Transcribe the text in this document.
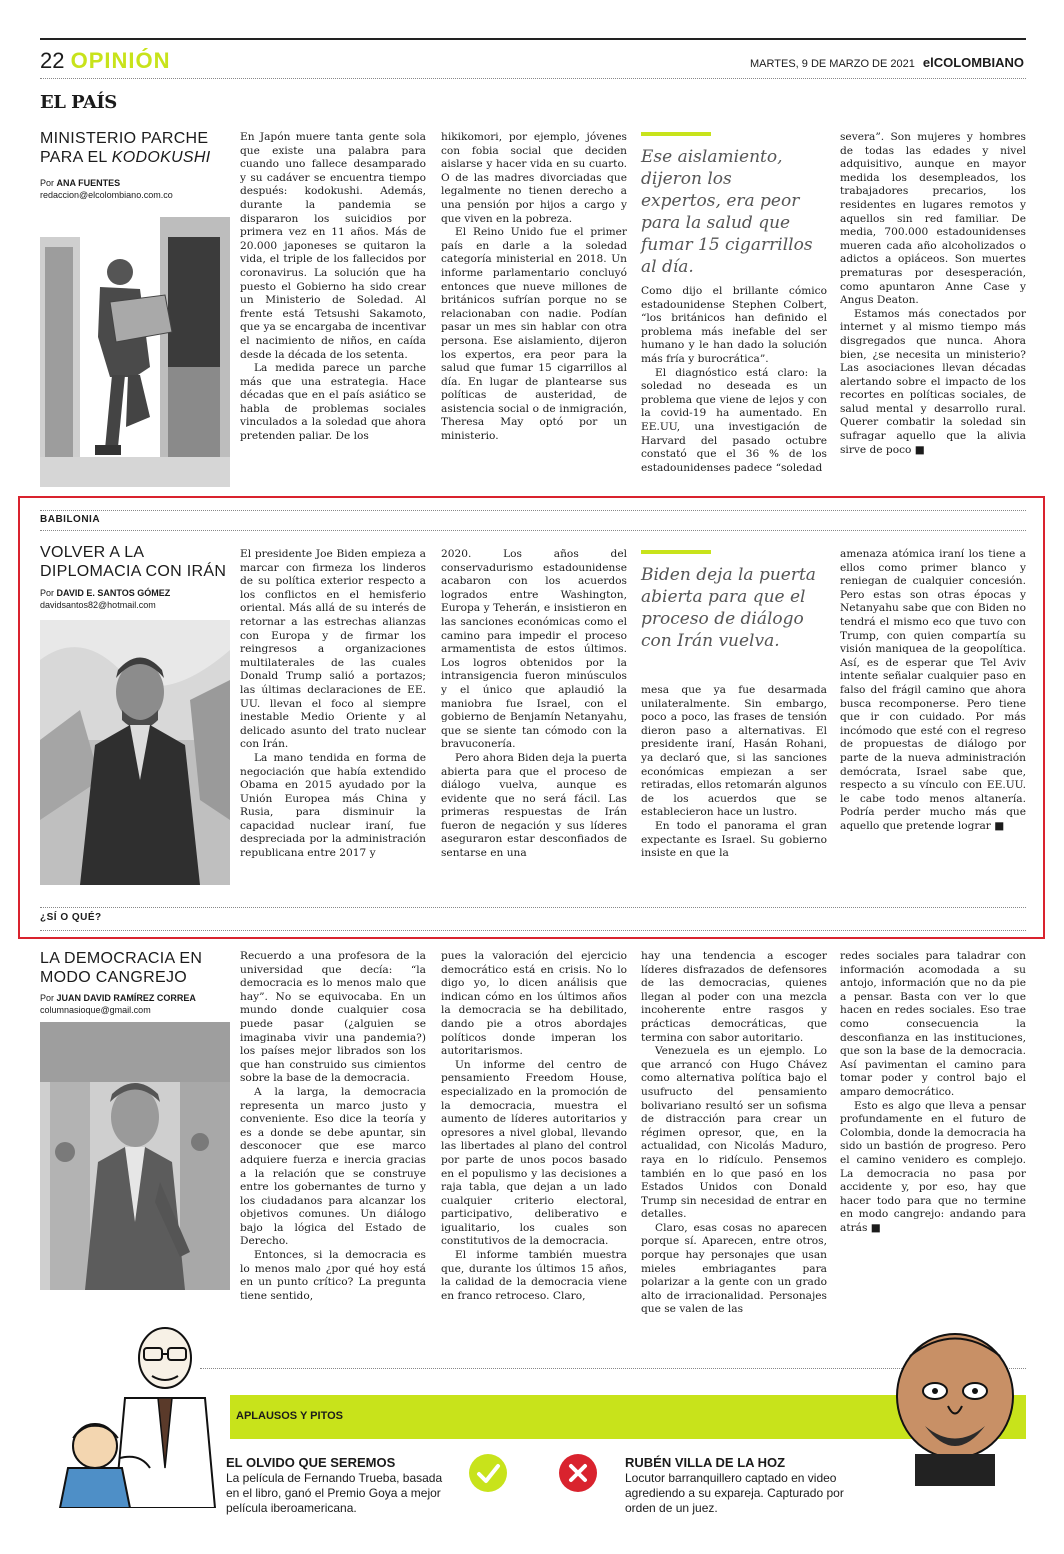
22 OPINIÓN	MARTES, 9 DE MARZO DE 2021 elCOLOMBIANO
EL PAÍS
MINISTERIO PARCHE
PARA EL KODOKUSHI
Por ANA FUENTES
redaccion@elcolombiano.com.co

En Japón muere tanta gente sola que existe una palabra para cuando uno fallece desamparado y su cadáver se encuentra tiempo después: kodokushi. Además, durante la pandemia se dispararon los suicidios por primera vez en 11 años. Más de 20.000 japoneses se quitaron la vida, el triple de los fallecidos por coronavirus. La solución que ha puesto el Gobierno ha sido crear un Ministerio de Soledad. Al frente está Tetsushi Sakamoto, que ya se encargaba de incentivar el nacimiento de niños, en caída desde la década de los setenta.

La medida parece un parche más que una estrategia. Hace décadas que en el país asiático se habla de problemas sociales vinculados a la soledad que ahora pretenden paliar. De los

hikikomori, por ejemplo, jóvenes con fobia social que deciden aislarse y hacer vida en su cuarto. O de las madres divorciadas que legalmente no tienen derecho a una pensión por hijos a cargo y que viven en la pobreza.

El Reino Unido fue el primer país en darle a la soledad categoría ministerial en 2018. Un informe parlamentario concluyó entonces que nueve millones de británicos sufrían porque no se relacionaban con nadie. Podían pasar un mes sin hablar con otra persona. Ese aislamiento, dijeron los expertos, era peor para la salud que fumar 15 cigarrillos al día. En lugar de plantearse sus políticas de austeridad, de asistencia social o de inmigración, Theresa May optó por un ministerio.

Ese aislamiento, dijeron los expertos, era peor para la salud que fumar 15 cigarrillos al día.

Como dijo el brillante cómico estadounidense Stephen Colbert, “los británicos han definido el problema más inefable del ser humano y le han dado la solución más fría y burocrática”.

El diagnóstico está claro: la soledad no deseada es un problema que viene de lejos y con la covid-19 ha aumentado. En EE.UU, una investigación de Harvard del pasado octubre constató que el 36 % de los estadounidenses padece “soledad

severa”. Son mujeres y hombres de todas las edades y nivel adquisitivo, aunque en mayor medida los desempleados, los trabajadores precarios, los residentes en lugares remotos y aquellos sin red familiar. De media, 700.000 estadounidenses mueren cada año alcoholizados o adictos a opiáceos. Son muertes prematuras por desesperación, como apuntaron Anne Case y Angus Deaton.

Estamos más conectados por internet y al mismo tiempo más disgregados que nunca. Ahora bien, ¿se necesita un ministerio? Las asociaciones llevan décadas alertando sobre el impacto de los recortes en políticas sociales, de salud mental y desarrollo rural. Querer combatir la soledad sin sufragar aquello que la alivia sirve de poco ■

BABILONIA
VOLVER A LA
DIPLOMACIA CON IRÁN
Por DAVID E. SANTOS GÓMEZ
davidsantos82@hotmail.com

El presidente Joe Biden empieza a marcar con firmeza los linderos de su política exterior respecto a los conflictos en el hemisferio oriental. Más allá de su interés de retornar a las estrechas alianzas con Europa y de firmar los reingresos a organizaciones multilaterales de las cuales Donald Trump salió a portazos; las últimas declaraciones de EE. UU. llevan el foco al siempre inestable Medio Oriente y al delicado asunto del trato nuclear con Irán.

La mano tendida en forma de negociación que había extendido Obama en 2015 ayudado por la Unión Europea más China y Rusia, para disminuir la capacidad nuclear iraní, fue despreciada por la administración republicana entre 2017 y

2020. Los años del conservadurismo estadounidense acabaron con los acuerdos logrados entre Washington, Europa y Teherán, e insistieron en las sanciones económicas como el camino para impedir el proceso armamentista de estos últimos. Los logros obtenidos por la intransigencia fueron minúsculos y el único que aplaudió la maniobra fue Israel, con el gobierno de Benjamín Netanyahu, que se siente tan cómodo con la bravuconería.

Pero ahora Biden deja la puerta abierta para que el proceso de diálogo vuelva, aunque es evidente que no será fácil. Las primeras respuestas de Irán fueron de negación y sus líderes aseguraron estar desconfiados de sentarse en una

Biden deja la puerta abierta para que el proceso de diálogo con Irán vuelva.

mesa que ya fue desarmada unilateralmente. Sin embargo, poco a poco, las frases de tensión dieron paso a alternativas. El presidente iraní, Hasán Rohani, ya declaró que, si las sanciones económicas empiezan a ser retiradas, ellos retomarán algunos de los acuerdos que se establecieron hace un lustro.

En todo el panorama el gran expectante es Israel. Su gobierno insiste en que la

amenaza atómica iraní los tiene a ellos como primer blanco y reniegan de cualquier concesión. Pero estas son otras épocas y Netanyahu sabe que con Biden no tendrá el mismo eco que tuvo con Trump, con quien compartía su visión maniquea de la geopolítica. Así, es de esperar que Tel Aviv intente señalar cualquier paso en falso del frágil camino que ahora busca recomponerse. Pero tiene que ir con cuidado. Por más incómodo que esté con el regreso de propuestas de diálogo por parte de la nueva administración demócrata, Israel sabe que, respecto a su vínculo con EE.UU. le cabe todo menos altanería. Podría perder mucho más que aquello que pretende lograr ■

¿SÍ O QUÉ?
LA DEMOCRACIA EN
MODO CANGREJO
Por JUAN DAVID RAMÍREZ CORREA
columnasioque@gmail.com

Recuerdo a una profesora de la universidad que decía: “la democracia es lo menos malo que hay”. No se equivocaba. En un mundo donde cualquier cosa puede pasar (¿alguien se imaginaba vivir una pandemia?) los países mejor librados son los que han construido sus cimientos sobre la base de la democracia.

A la larga, la democracia representa un marco justo y conveniente. Eso dice la teoría y es a donde se debe apuntar, sin desconocer que ese marco adquiere fuerza e inercia gracias a la relación que se construye entre los gobernantes de turno y los ciudadanos para alcanzar los objetivos comunes. Un diálogo bajo la lógica del Estado de Derecho.

Entonces, si la democracia es lo menos malo ¿por qué hoy está en un punto crítico? La pregunta tiene sentido,

pues la valoración del ejercicio democrático está en crisis. No lo digo yo, lo dicen análisis que indican cómo en los últimos años la democracia se ha debilitado, dando pie a otros abordajes políticos donde imperan los autoritarismos.

Un informe del centro de pensamiento Freedom House, especializado en la promoción de la democracia, muestra el aumento de líderes autoritarios y opresores a nivel global, llevando las libertades al plano del control por parte de unos pocos basado en el populismo y las decisiones a raja tabla, que dejan a un lado cualquier criterio electoral, participativo, deliberativo e igualitario, los cuales son constitutivos de la democracia.

El informe también muestra que, durante los últimos 15 años, la calidad de la democracia viene en franco retroceso. Claro,

hay una tendencia a escoger líderes disfrazados de defensores de las democracias, quienes llegan al poder con una mezcla incoherente entre rasgos y prácticas democráticas, que termina con sabor autoritario.

Venezuela es un ejemplo. Lo que arrancó con Hugo Chávez como alternativa política bajo el usufructo del pensamiento bolivariano resultó ser un sofisma de distracción para crear un régimen opresor, que, en la actualidad, con Nicolás Maduro, raya en lo ridículo. Pensemos también en lo que pasó en los Estados Unidos con Donald Trump sin necesidad de entrar en detalles.

Claro, esas cosas no aparecen porque sí. Aparecen, entre otros, porque hay personajes que usan mieles embriagantes para polarizar a la gente con un grado alto de irracionalidad. Personajes que se valen de las

redes sociales para taladrar con información acomodada a su antojo, información que no da pie a pensar. Basta con ver lo que hacen en redes sociales. Eso trae como consecuencia la desconfianza en las instituciones, que son la base de la democracia. Así pavimentan el camino para tomar poder y control bajo el amparo democrático.

Esto es algo que lleva a pensar profundamente en el futuro de Colombia, donde la democracia ha sido un bastión de progreso. Pero el camino venidero es complejo. La democracia no pasa por accidente y, por eso, hay que hacer todo para que no termine en modo cangrejo: andando para atrás ■

APLAUSOS Y PITOS
EL OLVIDO QUE SEREMOS
La película de Fernando Trueba, basada en el libro, ganó el Premio Goya a mejor película iberoamericana.
RUBÉN VILLA DE LA HOZ
Locutor barranquillero captado en video agrediendo a su expareja. Capturado por orden de un juez.
